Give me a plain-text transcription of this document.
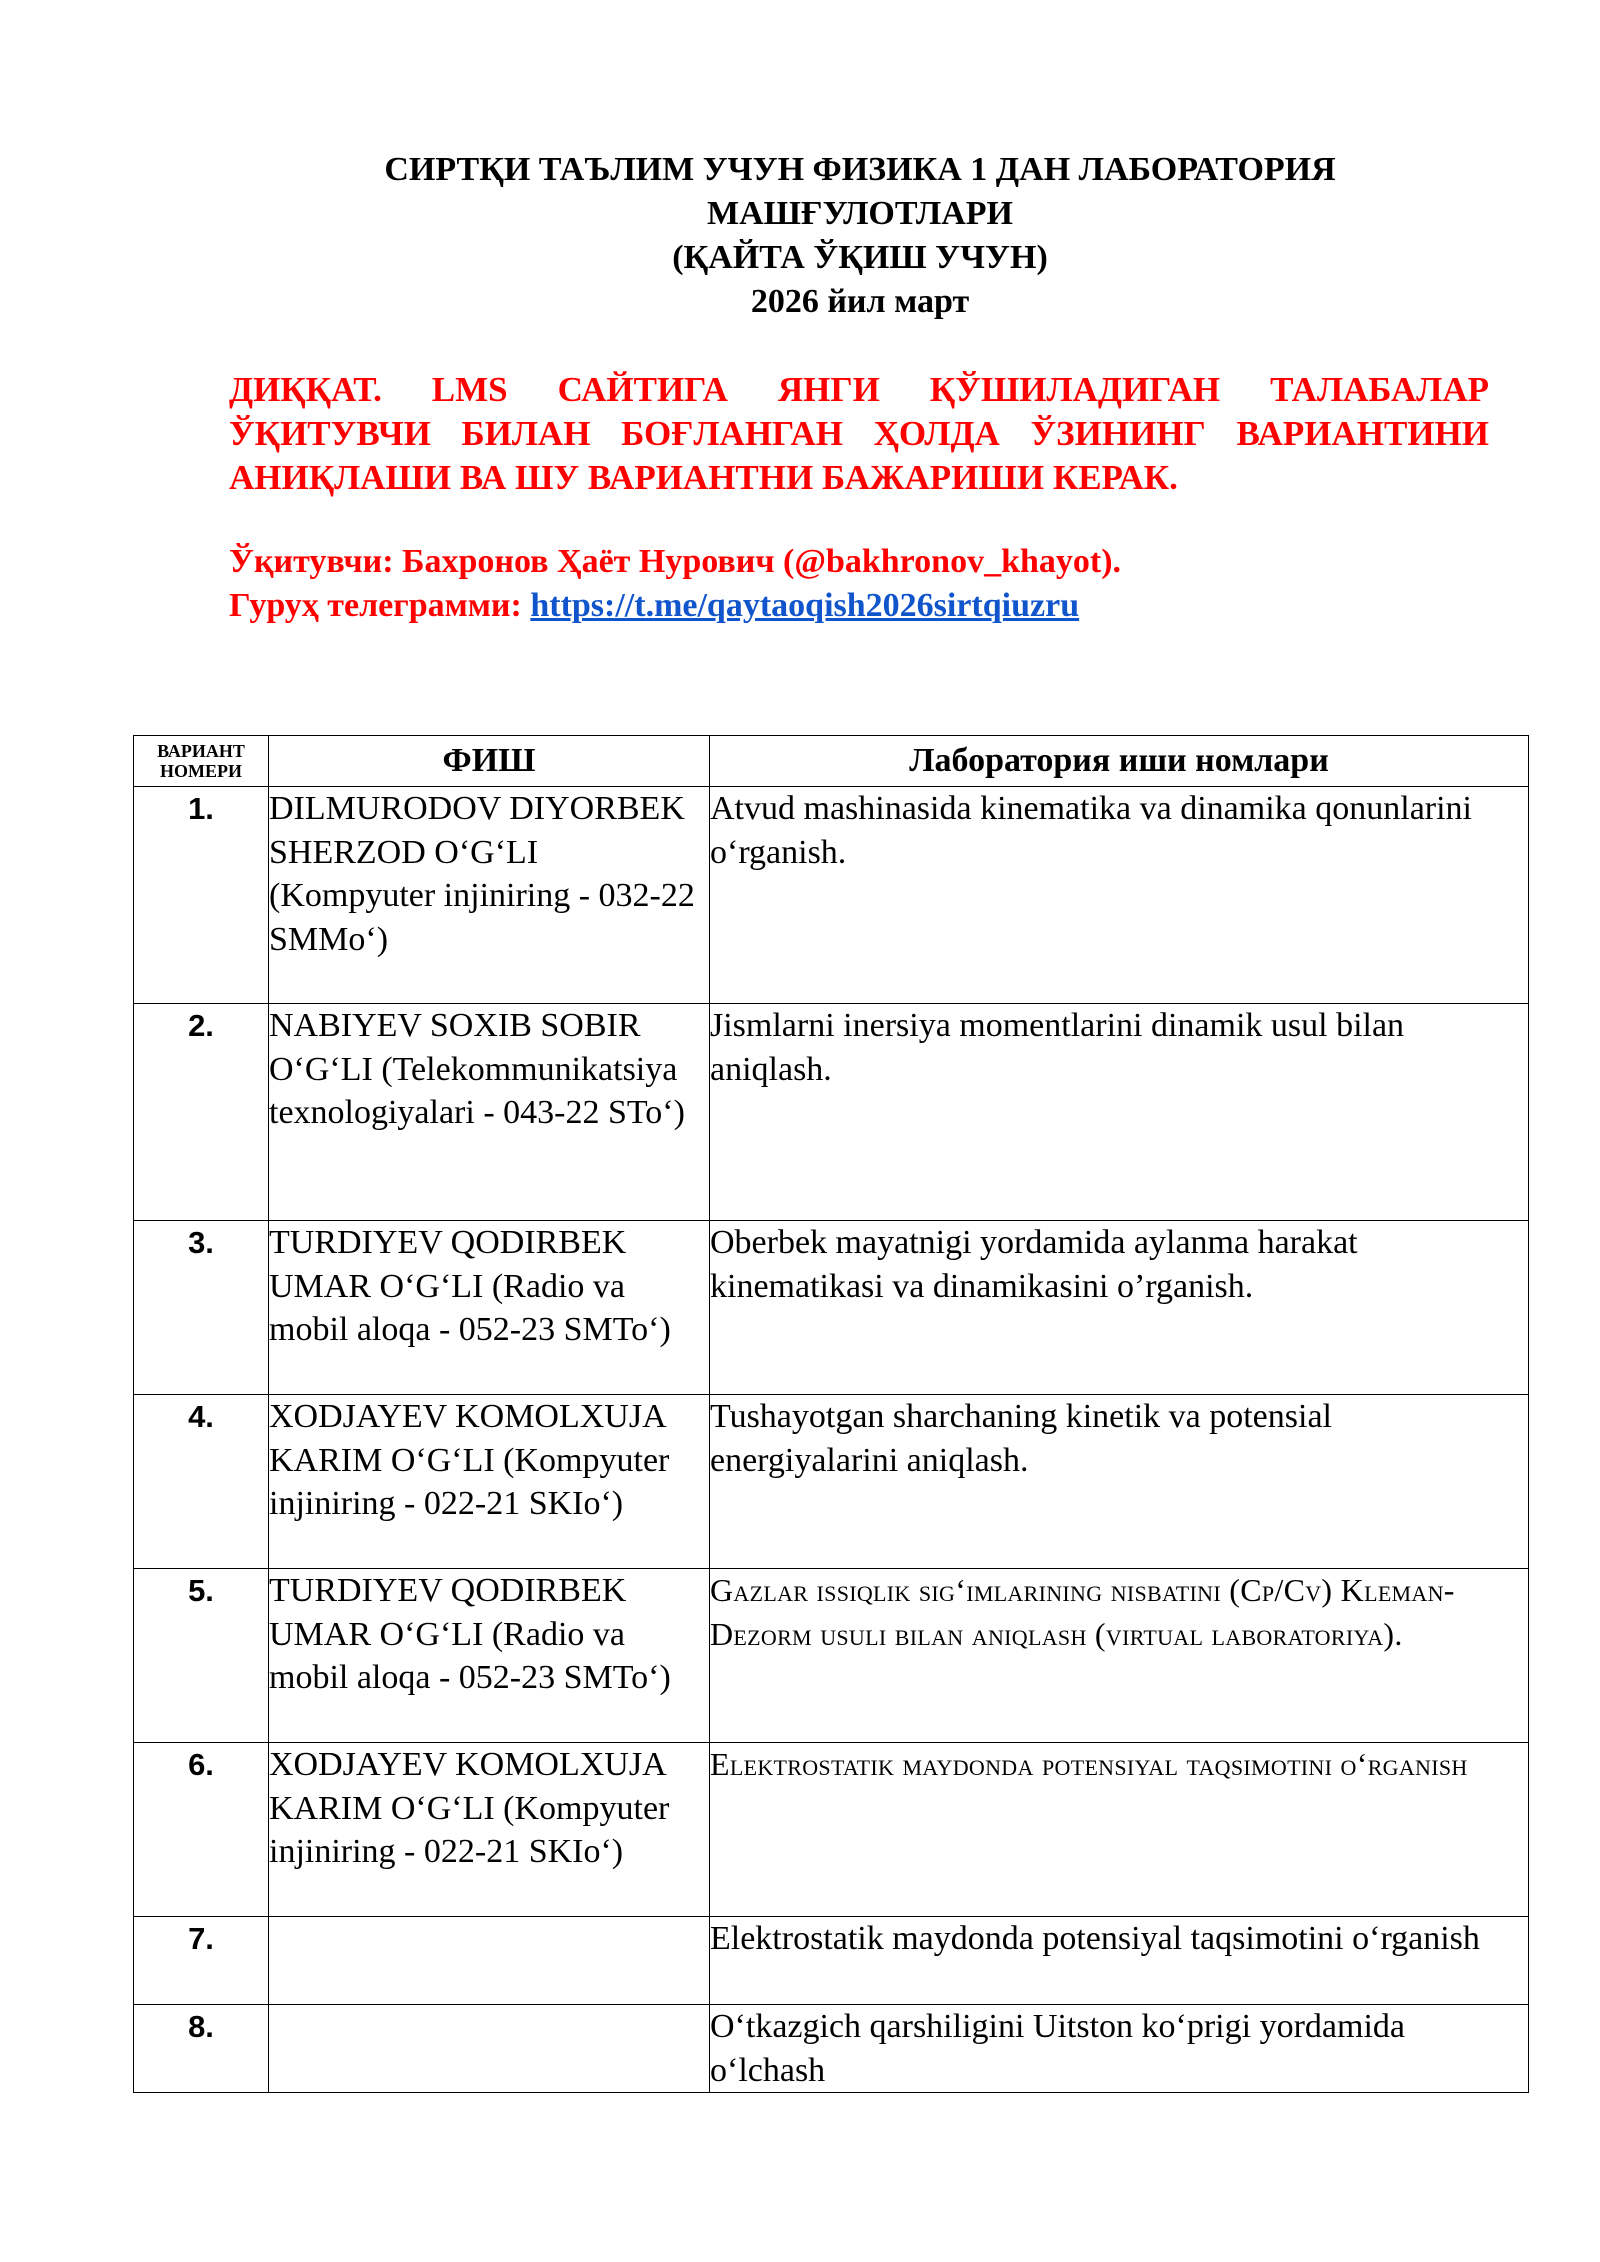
СИРТҚИ ТАЪЛИМ УЧУН ФИЗИКА 1 ДАН ЛАБОРАТОРИЯ
МАШҒУЛОТЛАРИ
(ҚАЙТА ЎҚИШ УЧУН)
2026 йил март
ДИҚҚАТ. LMS САЙТИГА ЯНГИ ҚЎШИЛАДИГАН ТАЛАБАЛАР ЎҚИТУВЧИ БИЛАН БОҒЛАНГАН ҲОЛДА ЎЗИНИНГ ВАРИАНТИНИ АНИҚЛАШИ ВА ШУ ВАРИАНТНИ БАЖАРИШИ КЕРАК.
Ўқитувчи: Бахронов Ҳаёт Нурович (@bakhronov_khayot).
Гуруҳ телеграмми: https://t.me/qaytaoqish2026sirtqiuzru
ВАРИАНТ
НОМЕРИ	ФИШ	Лаборатория иши номлари
1.	DILMURODOV DIYORBEK SHERZOD O‘G‘LI (Kompyuter injiniring - 032-22 SMMo‘)	Atvud mashinasida kinematika va dinamika qonunlarini o‘rganish.
2.	NABIYEV SOXIB SOBIR O‘G‘LI (Telekommunikatsiya texnologiyalari - 043-22 STo‘)	Jismlarni inersiya momentlarini dinamik usul bilan aniqlash.
3.	TURDIYEV QODIRBEK UMAR O‘G‘LI (Radio va mobil aloqa - 052-23 SMTo‘)	Oberbek mayatnigi yordamida aylanma harakat kinematikasi va dinamikasini o’rganish.
4.	XODJAYEV KOMOLXUJA KARIM O‘G‘LI (Kompyuter injiniring - 022-21 SKIo‘)	Tushayotgan sharchaning kinetik va potensial energiyalarini aniqlash.
5.	TURDIYEV QODIRBEK UMAR O‘G‘LI (Radio va mobil aloqa - 052-23 SMTo‘)	Gazlar issiqlik sig‘imlarining nisbatini (Cp/Cv) Kleman-Dezorm usuli bilan aniqlash (virtual laboratoriya).
6.	XODJAYEV KOMOLXUJA KARIM O‘G‘LI (Kompyuter injiniring - 022-21 SKIo‘)	Elektrostatik maydonda potensiyal taqsimotini o‘rganish
7.		Elektrostatik maydonda potensiyal taqsimotini o‘rganish
8.		O‘tkazgich qarshiligini Uitston ko‘prigi yordamida o‘lchash
